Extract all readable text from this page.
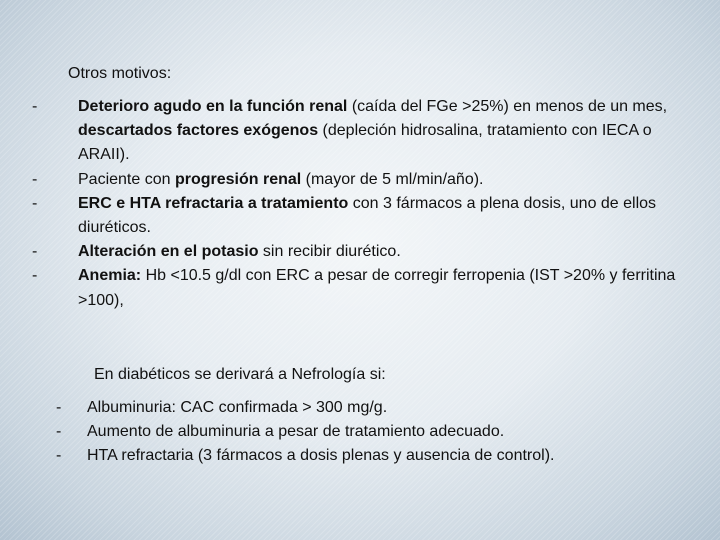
Otros motivos:
-	Deterioro agudo en la función renal (caída del FGe >25%) en menos de un mes, descartados factores exógenos (depleción hidrosalina, tratamiento con IECA o ARAII).
-	Paciente con progresión renal (mayor de 5 ml/min/año).
-	ERC e HTA refractaria a tratamiento con 3 fármacos a plena dosis, uno de ellos diuréticos.
-	Alteración en el potasio sin recibir diurético.
-	Anemia: Hb <10.5 g/dl con ERC a pesar de corregir ferropenia (IST >20% y ferritina >100),
En diabéticos se derivará a Nefrología si:
- Albuminuria: CAC confirmada > 300 mg/g.
- Aumento de albuminuria a pesar de tratamiento adecuado.
- HTA refractaria (3 fármacos a dosis plenas y ausencia de control).
